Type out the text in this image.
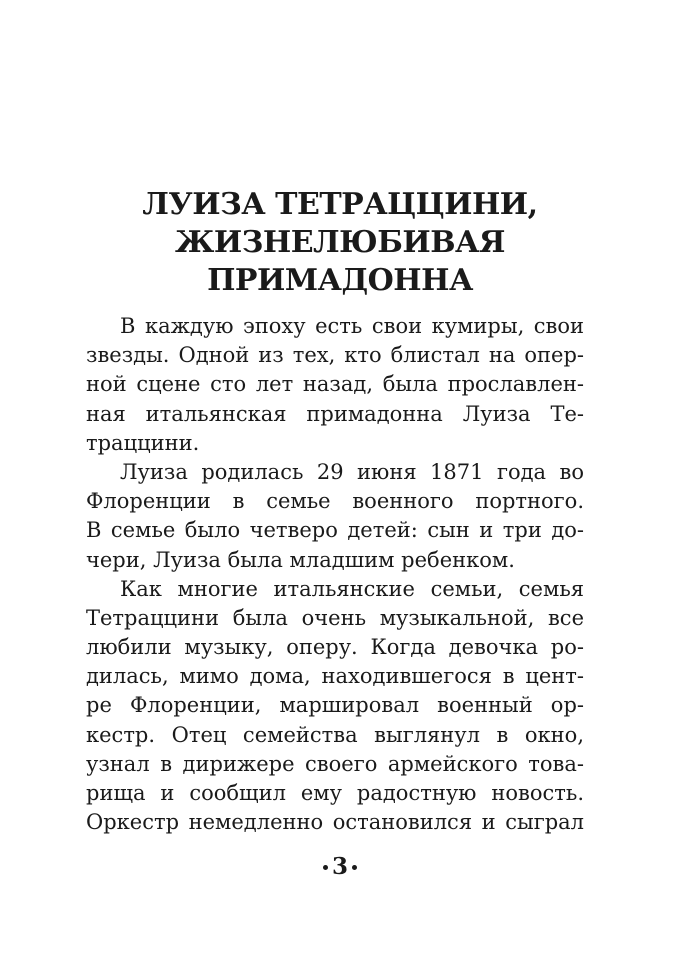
ЛУИЗА ТЕТРАЦЦИНИ,
ЖИЗНЕЛЮБИВАЯ
ПРИМАДОННА
В каждую эпоху есть свои кумиры, свои
звезды. Одной из тех, кто блистал на опер-
ной сцене сто лет назад, была прославлен-
ная итальянская примадонна Луиза Те-
траццини.
Луиза родилась 29 июня 1871 года во
Флоренции в семье военного портного.
В семье было четверо детей: сын и три до-
чери, Луиза была младшим ребенком.
Как многие итальянские семьи, семья
Тетраццини была очень музыкальной, все
любили музыку, оперу. Когда девочка ро-
дилась, мимо дома, находившегося в цент-
ре Флоренции, маршировал военный ор-
кестр. Отец семейства выглянул в окно,
узнал в дирижере своего армейского това-
рища и сообщил ему радостную новость.
Оркестр немедленно остановился и сыграл
3
